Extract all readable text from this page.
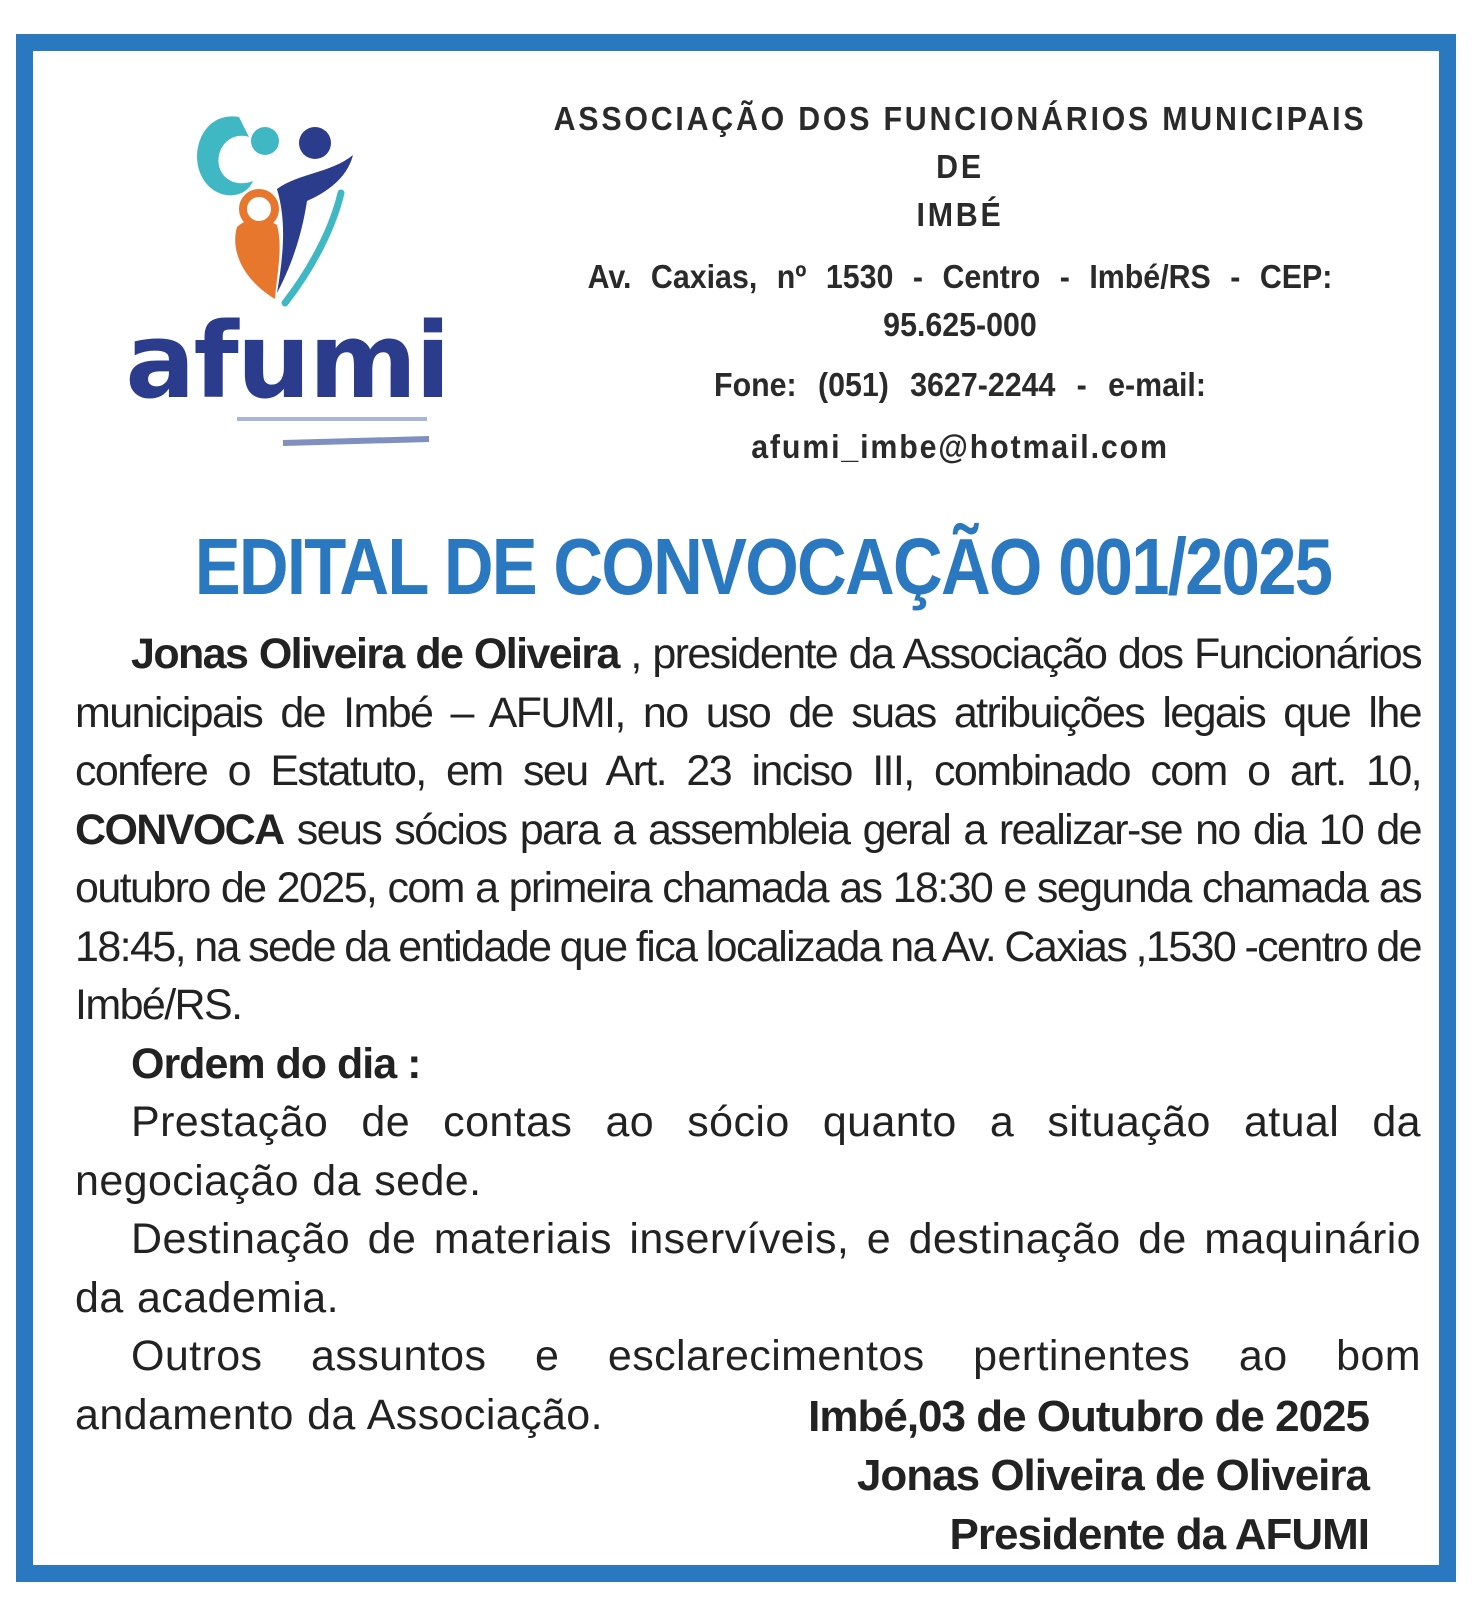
afumi
ASSOCIAÇÃO DOS FUNCIONÁRIOS MUNICIPAIS DE
IMBÉ
Av. Caxias, nº 1530 - Centro - Imbé/RS - CEP:
95.625-000
Fone: (051) 3627-2244 - e-mail:
afumi_imbe@hotmail.com
EDITAL DE CONVOCAÇÃO 001/2025
Jonas Oliveira de Oliveira , presidente da Associação dos Funcionários municipais de Imbé – AFUMI, no uso de suas atribuições legais que lhe confere o Estatuto, em seu Art. 23 inciso III, combinado com o art. 10, CONVOCA seus sócios para a assembleia geral a realizar-se no dia 10 de outubro de 2025, com a primeira chamada as 18:30 e segunda chamada as 18:45, na sede da entidade que fica localizada na Av. Caxias ,1530 -centro de Imbé/RS.
Ordem do dia :
Prestação de contas ao sócio quanto a situação atual da negociação da sede.
Destinação de materiais inservíveis, e destinação de maquinário da academia.
Outros assuntos e esclarecimentos pertinentes ao bom andamento da Associação.	Imbé,03 de Outubro de 2025
Jonas Oliveira de Oliveira
Presidente da AFUMI
